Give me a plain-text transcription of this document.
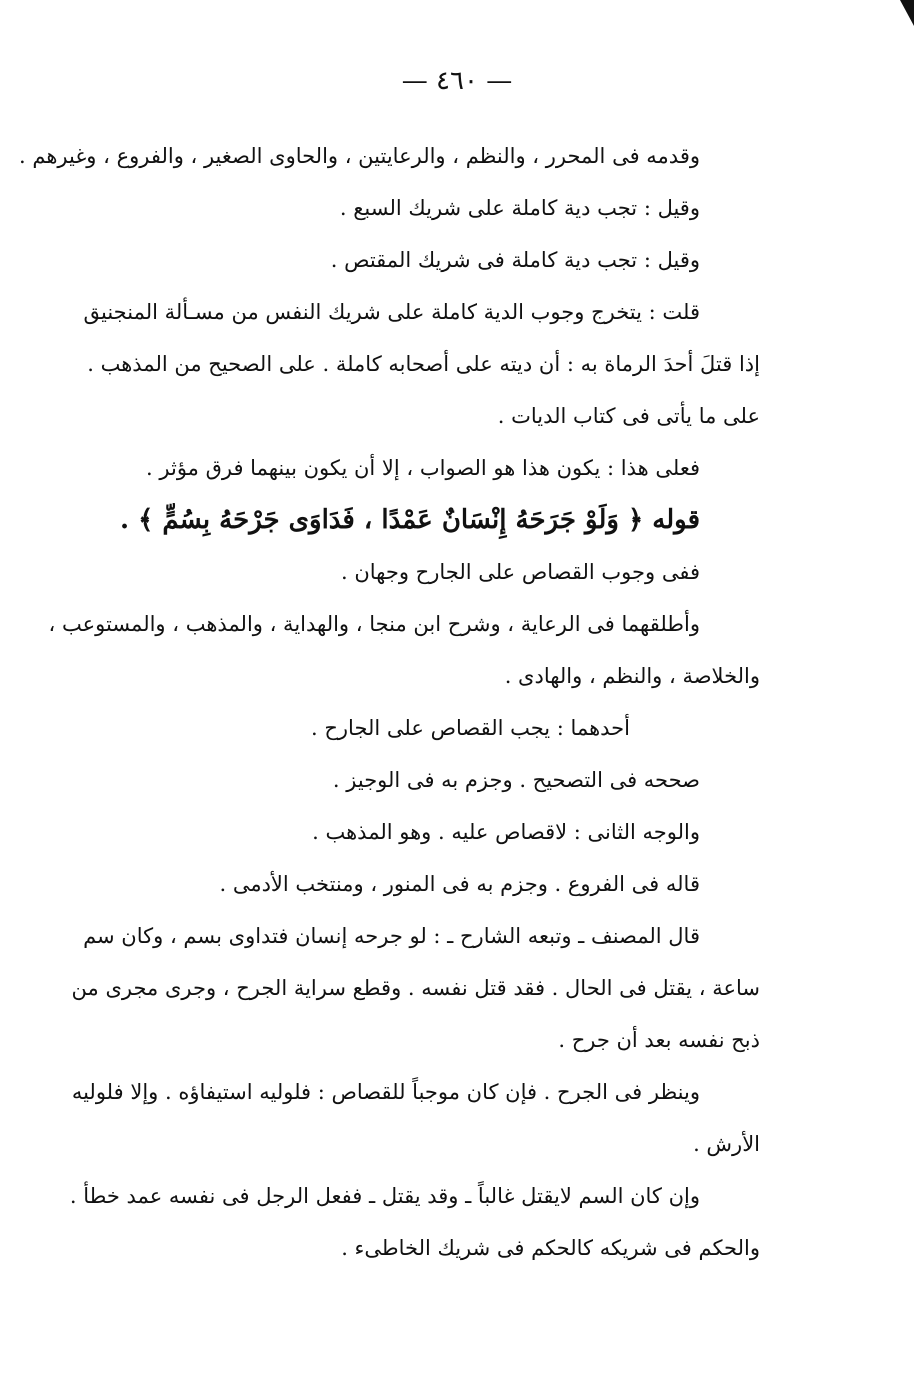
— ٤٦٠ —
وقدمه فى المحرر ، والنظم ، والرعايتين ، والحاوى الصغير ، والفروع ، وغيرهم .
وقيل : تجب دية كاملة على شريك السبع .
وقيل : تجب دية كاملة فى شريك المقتص .
قلت : يتخرج وجوب الدية كاملة على شريك النفس من مسـألة المنجنيق
إذا قتلَ أحدَ الرماة به : أن ديته على أصحابه كاملة . على الصحيح من المذهب .
على ما يأتى فى كتاب الديات .
فعلى هذا : يكون هذا هو الصواب ، إلا أن يكون بينهما فرق مؤثر .
قوله ﴿ وَلَوْ جَرَحَهُ إِنْسَانٌ عَمْدًا ، فَدَاوَى جَرْحَهُ بِسُمٍّ ﴾ .
ففى وجوب القصاص على الجارح وجهان .
وأطلقهما فى الرعاية ، وشرح ابن منجا ، والهداية ، والمذهب ، والمستوعب ،
والخلاصة ، والنظم ، والهادى .
أحدهما : يجب القصاص على الجارح .
صححه فى التصحيح . وجزم به فى الوجيز .
والوجه الثانى : لاقصاص عليه . وهو المذهب .
قاله فى الفروع . وجزم به فى المنور ، ومنتخب الأدمى .
قال المصنف ـ وتبعه الشارح ـ : لو جرحه إنسان فتداوى بسم ، وكان سم
ساعة ، يقتل فى الحال . فقد قتل نفسه . وقطع سراية الجرح ، وجرى مجرى من
ذبح نفسه بعد أن جرح .
وينظر فى الجرح . فإن كان موجباً للقصاص : فلوليه استيفاؤه . وإلا فلوليه
الأرش .
وإن كان السم لايقتل غالباً ـ وقد يقتل ـ ففعل الرجل فى نفسه عمد خطأ .
والحكم فى شريكه كالحكم فى شريك الخاطىء .
